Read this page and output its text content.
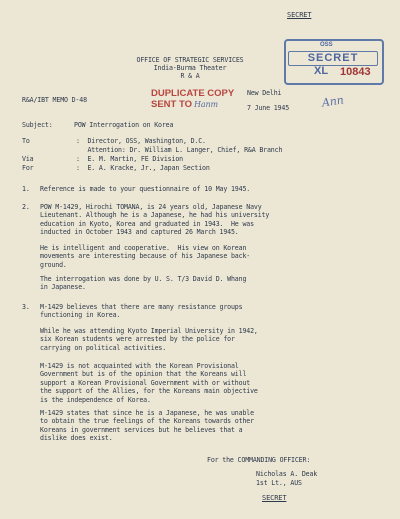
SECRET
OSS
SECRET
XL 10843
OFFICE OF STRATEGIC SERVICES
India-Burma Theater
R & A
New Delhi
7 June 1945	Ann
R&A/IBT MEMO D-48
DUPLICATE COPY
SENT TO Hanm
Subject:	POW Interrogation on Korea
To	:  Director, OSS, Washington, D.C.
Attention: Dr. William L. Langer, Chief, R&A Branch
Via	:  E. M. Martin, FE Division
For	:  E. A. Kracke, Jr., Japan Section
1. Reference is made to your questionnaire of 10 May 1945.
2. POW M-1429, Hirochi TOMANA, is 24 years old, Japanese Navy
Lieutenant. Although he is a Japanese, he had his university
education in Kyoto, Korea and graduated in 1943.  He was
inducted in October 1943 and captured 26 March 1945.
He is intelligent and cooperative.  His view on Korean
movements are interesting because of his Japanese back-
ground.
The interrogation was done by U. S. T/3 David D. Whang
in Japanese.
3. M-1429 believes that there are many resistance groups
functioning in Korea.
While he was attending Kyoto Imperial University in 1942,
six Korean students were arrested by the police for
carrying on political activities.
M-1429 is not acquainted with the Korean Provisional
Government but is of the opinion that the Koreans will
support a Korean Provisional Government with or without
the support of the Allies, for the Koreans main objective
is the independence of Korea.
M-1429 states that since he is a Japanese, he was unable
to obtain the true feelings of the Koreans towards other
Koreans in government services but he believes that a
dislike does exist.
For the COMMANDING OFFICER:
Nicholas A. Deak
1st Lt., AUS
SECRET
